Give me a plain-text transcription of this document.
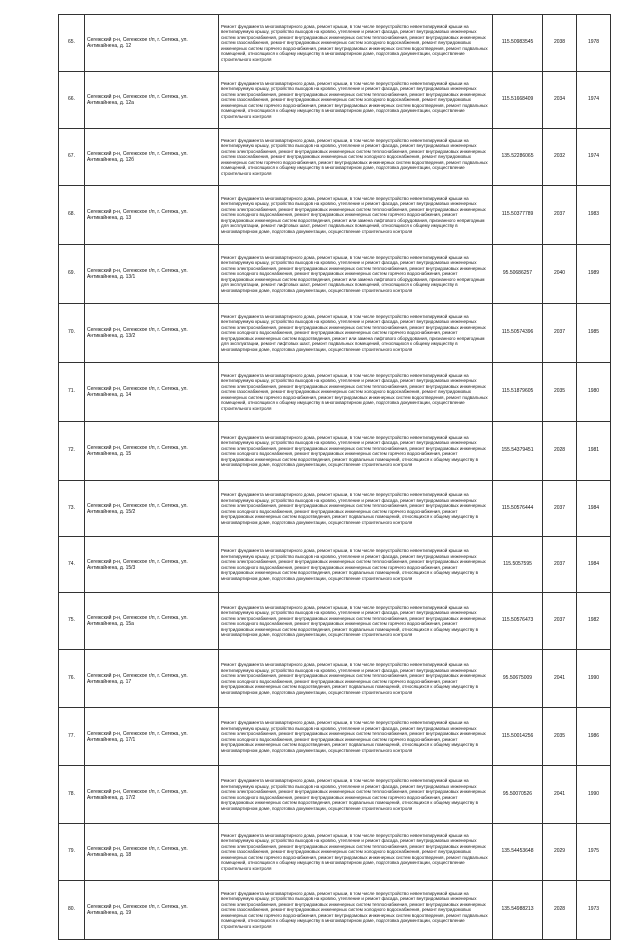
65.	Сегежский р-н, Сегежское г/п, г. Сегежа, ул. Антикайнена, д. 12	Ремонт фундамента многоквартирного дома, ремонт крыши, в том числе переустройство невентилируемой крыши на вентилируемую крышу, устройство выходов на кровлю, утепление и ремонт фасада, ремонт внутридомовых инженерных систем электроснабжения, ремонт внутридомовых инженерных систем теплоснабжения, ремонт внутридомовых инженерных систем газоснабжения, ремонт внутридомовых инженерных систем холодного водоснабжения, ремонт внутридомовых инженерных систем горячего водоснабжения, ремонт внутридомовых инженерных систем водоотведения, ремонт подвальных помещений, относящихся к общему имуществу в многоквартирном доме, подготовка документации, осуществление строительного контроля	115.50983545	2038	1978
66.	Сегежский р-н, Сегежское г/п, г. Сегежа, ул. Антикайнена, д. 12а	Ремонт фундамента многоквартирного дома, ремонт крыши, в том числе переустройство невентилируемой крыши на вентилируемую крышу, устройство выходов на кровлю, утепление и ремонт фасада, ремонт внутридомовых инженерных систем электроснабжения, ремонт внутридомовых инженерных систем теплоснабжения, ремонт внутридомовых инженерных систем газоснабжения, ремонт внутридомовых инженерных систем холодного водоснабжения, ремонт внутридомовых инженерных систем горячего водоснабжения, ремонт внутридомовых инженерных систем водоотведения, ремонт подвальных помещений, относящихся к общему имуществу в многоквартирном доме, подготовка документации, осуществление строительного контроля	115.51668409	2034	1974
67.	Сегежский р-н, Сегежское г/п, г. Сегежа, ул. Антикайнена, д. 12б	Ремонт фундамента многоквартирного дома, ремонт крыши, в том числе переустройство невентилируемой крыши на вентилируемую крышу, устройство выходов на кровлю, утепление и ремонт фасада, ремонт внутридомовых инженерных систем электроснабжения, ремонт внутридомовых инженерных систем теплоснабжения, ремонт внутридомовых инженерных систем газоснабжения, ремонт внутридомовых инженерных систем холодного водоснабжения, ремонт внутридомовых инженерных систем горячего водоснабжения, ремонт внутридомовых инженерных систем водоотведения, ремонт подвальных помещений, относящихся к общему имуществу в многоквартирном доме, подготовка документации, осуществление строительного контроля	135.52286065	2032	1974
68.	Сегежский р-н, Сегежское г/п, г. Сегежа, ул. Антикайнена, д. 13	Ремонт фундамента многоквартирного дома, ремонт крыши, в том числе переустройство невентилируемой крыши на вентилируемую крышу, устройство выходов на кровлю, утепление и ремонт фасада, ремонт внутридомовых инженерных систем электроснабжения, ремонт внутридомовых инженерных систем теплоснабжения, ремонт внутридомовых инженерных систем холодного водоснабжения, ремонт внутридомовых инженерных систем горячего водоснабжения, ремонт внутридомовых инженерных систем водоотведения, ремонт или замена лифтового оборудования, признанного непригодным для эксплуатации, ремонт лифтовых шахт, ремонт подвальных помещений, относящихся к общему имуществу в многоквартирном доме, подготовка документации, осуществление строительного контроля	115.50377789	2037	1983
69.	Сегежский р-н, Сегежское г/п, г. Сегежа, ул. Антикайнена, д. 13/1	Ремонт фундамента многоквартирного дома, ремонт крыши, в том числе переустройство невентилируемой крыши на вентилируемую крышу, устройство выходов на кровлю, утепление и ремонт фасада, ремонт внутридомовых инженерных систем электроснабжения, ремонт внутридомовых инженерных систем теплоснабжения, ремонт внутридомовых инженерных систем холодного водоснабжения, ремонт внутридомовых инженерных систем горячего водоснабжения, ремонт внутридомовых инженерных систем водоотведения, ремонт или замена лифтового оборудования, признанного непригодным для эксплуатации, ремонт лифтовых шахт, ремонт подвальных помещений, относящихся к общему имуществу в многоквартирном доме, подготовка документации, осуществление строительного контроля	95.50686257	2040	1989
70.	Сегежский р-н, Сегежское г/п, г. Сегежа, ул. Антикайнена, д. 13/2	Ремонт фундамента многоквартирного дома, ремонт крыши, в том числе переустройство невентилируемой крыши на вентилируемую крышу, устройство выходов на кровлю, утепление и ремонт фасада, ремонт внутридомовых инженерных систем электроснабжения, ремонт внутридомовых инженерных систем теплоснабжения, ремонт внутридомовых инженерных систем холодного водоснабжения, ремонт внутридомовых инженерных систем горячего водоснабжения, ремонт внутридомовых инженерных систем водоотведения, ремонт или замена лифтового оборудования, признанного непригодным для эксплуатации, ремонт лифтовых шахт, ремонт подвальных помещений, относящихся к общему имуществу в многоквартирном доме, подготовка документации, осуществление строительного контроля	115.50574396	2037	1985
71.	Сегежский р-н, Сегежское г/п, г. Сегежа, ул. Антикайнена, д. 14	Ремонт фундамента многоквартирного дома, ремонт крыши, в том числе переустройство невентилируемой крыши на вентилируемую крышу, устройство выходов на кровлю, утепление и ремонт фасада, ремонт внутридомовых инженерных систем электроснабжения, ремонт внутридомовых инженерных систем теплоснабжения, ремонт внутридомовых инженерных систем газоснабжения, ремонт внутридомовых инженерных систем холодного водоснабжения, ремонт внутридомовых инженерных систем горячего водоснабжения, ремонт внутридомовых инженерных систем водоотведения, ремонт подвальных помещений, относящихся к общему имуществу в многоквартирном доме, подготовка документации, осуществление строительного контроля	115.51879605	2035	1980
72.	Сегежский р-н, Сегежское г/п, г. Сегежа, ул. Антикайнена, д. 15	Ремонт фундамента многоквартирного дома, ремонт крыши, в том числе переустройство невентилируемой крыши на вентилируемую крышу, устройство выходов на кровлю, утепление и ремонт фасада, ремонт внутридомовых инженерных систем электроснабжения, ремонт внутридомовых инженерных систем теплоснабжения, ремонт внутридомовых инженерных систем холодного водоснабжения, ремонт внутридомовых инженерных систем горячего водоснабжения, ремонт внутридомовых инженерных систем водоотведения, ремонт подвальных помещений, относящихся к общему имуществу в многоквартирном доме, подготовка документации, осуществление строительного контроля	155.54379451	2028	1981
73.	Сегежский р-н, Сегежское г/п, г. Сегежа, ул. Антикайнена, д. 15/2	Ремонт фундамента многоквартирного дома, ремонт крыши, в том числе переустройство невентилируемой крыши на вентилируемую крышу, устройство выходов на кровлю, утепление и ремонт фасада, ремонт внутридомовых инженерных систем электроснабжения, ремонт внутридомовых инженерных систем теплоснабжения, ремонт внутридомовых инженерных систем холодного водоснабжения, ремонт внутридомовых инженерных систем горячего водоснабжения, ремонт внутридомовых инженерных систем водоотведения, ремонт подвальных помещений, относящихся к общему имуществу в многоквартирном доме, подготовка документации, осуществление строительного контроля	115.50576444	2037	1984
74.	Сегежский р-н, Сегежское г/п, г. Сегежа, ул. Антикайнена, д. 15/3	Ремонт фундамента многоквартирного дома, ремонт крыши, в том числе переустройство невентилируемой крыши на вентилируемую крышу, устройство выходов на кровлю, утепление и ремонт фасада, ремонт внутридомовых инженерных систем электроснабжения, ремонт внутридомовых инженерных систем теплоснабжения, ремонт внутридомовых инженерных систем холодного водоснабжения, ремонт внутридомовых инженерных систем горячего водоснабжения, ремонт внутридомовых инженерных систем водоотведения, ремонт подвальных помещений, относящихся к общему имуществу в многоквартирном доме, подготовка документации, осуществление строительного контроля	115.5057595	2037	1984
75.	Сегежский р-н, Сегежское г/п, г. Сегежа, ул. Антикайнена, д. 15а	Ремонт фундамента многоквартирного дома, ремонт крыши, в том числе переустройство невентилируемой крыши на вентилируемую крышу, устройство выходов на кровлю, утепление и ремонт фасада, ремонт внутридомовых инженерных систем электроснабжения, ремонт внутридомовых инженерных систем теплоснабжения, ремонт внутридомовых инженерных систем холодного водоснабжения, ремонт внутридомовых инженерных систем горячего водоснабжения, ремонт внутридомовых инженерных систем водоотведения, ремонт подвальных помещений, относящихся к общему имуществу в многоквартирном доме, подготовка документации, осуществление строительного контроля	115.50576473	2037	1982
76.	Сегежский р-н, Сегежское г/п, г. Сегежа, ул. Антикайнена, д. 17	Ремонт фундамента многоквартирного дома, ремонт крыши, в том числе переустройство невентилируемой крыши на вентилируемую крышу, устройство выходов на кровлю, утепление и ремонт фасада, ремонт внутридомовых инженерных систем электроснабжения, ремонт внутридомовых инженерных систем теплоснабжения, ремонт внутридомовых инженерных систем холодного водоснабжения, ремонт внутридомовых инженерных систем горячего водоснабжения, ремонт внутридомовых инженерных систем водоотведения, ремонт подвальных помещений, относящихся к общему имуществу в многоквартирном доме, подготовка документации, осуществление строительного контроля	95.50675009	2041	1990
77.	Сегежский р-н, Сегежское г/п, г. Сегежа, ул. Антикайнена, д. 17/1	Ремонт фундамента многоквартирного дома, ремонт крыши, в том числе переустройство невентилируемой крыши на вентилируемую крышу, устройство выходов на кровлю, утепление и ремонт фасада, ремонт внутридомовых инженерных систем электроснабжения, ремонт внутридомовых инженерных систем теплоснабжения, ремонт внутридомовых инженерных систем холодного водоснабжения, ремонт внутридомовых инженерных систем горячего водоснабжения, ремонт внутридомовых инженерных систем водоотведения, ремонт подвальных помещений, относящихся к общему имуществу в многоквартирном доме, подготовка документации, осуществление строительного контроля	115.50014256	2035	1986
78.	Сегежский р-н, Сегежское г/п, г. Сегежа, ул. Антикайнена, д. 17/2	Ремонт фундамента многоквартирного дома, ремонт крыши, в том числе переустройство невентилируемой крыши на вентилируемую крышу, устройство выходов на кровлю, утепление и ремонт фасада, ремонт внутридомовых инженерных систем электроснабжения, ремонт внутридомовых инженерных систем теплоснабжения, ремонт внутридомовых инженерных систем холодного водоснабжения, ремонт внутридомовых инженерных систем горячего водоснабжения, ремонт внутридомовых инженерных систем водоотведения, ремонт подвальных помещений, относящихся к общему имуществу в многоквартирном доме, подготовка документации, осуществление строительного контроля	95.50070526	2041	1990
79.	Сегежский р-н, Сегежское г/п, г. Сегежа, ул. Антикайнена, д. 18	Ремонт фундамента многоквартирного дома, ремонт крыши, в том числе переустройство невентилируемой крыши на вентилируемую крышу, устройство выходов на кровлю, утепление и ремонт фасада, ремонт внутридомовых инженерных систем электроснабжения, ремонт внутридомовых инженерных систем теплоснабжения, ремонт внутридомовых инженерных систем газоснабжения, ремонт внутридомовых инженерных систем холодного водоснабжения, ремонт внутридомовых инженерных систем горячего водоснабжения, ремонт внутридомовых инженерных систем водоотведения, ремонт подвальных помещений, относящихся к общему имуществу в многоквартирном доме, подготовка документации, осуществление строительного контроля	135.54453648	2029	1975
80.	Сегежский р-н, Сегежское г/п, г. Сегежа, ул. Антикайнена, д. 19	Ремонт фундамента многоквартирного дома, ремонт крыши, в том числе переустройство невентилируемой крыши на вентилируемую крышу, устройство выходов на кровлю, утепление и ремонт фасада, ремонт внутридомовых инженерных систем электроснабжения, ремонт внутридомовых инженерных систем теплоснабжения, ремонт внутридомовых инженерных систем газоснабжения, ремонт внутридомовых инженерных систем холодного водоснабжения, ремонт внутридомовых инженерных систем горячего водоснабжения, ремонт внутридомовых инженерных систем водоотведения, ремонт подвальных помещений, относящихся к общему имуществу в многоквартирном доме, подготовка документации, осуществление строительного контроля	135.54988213	2028	1973
